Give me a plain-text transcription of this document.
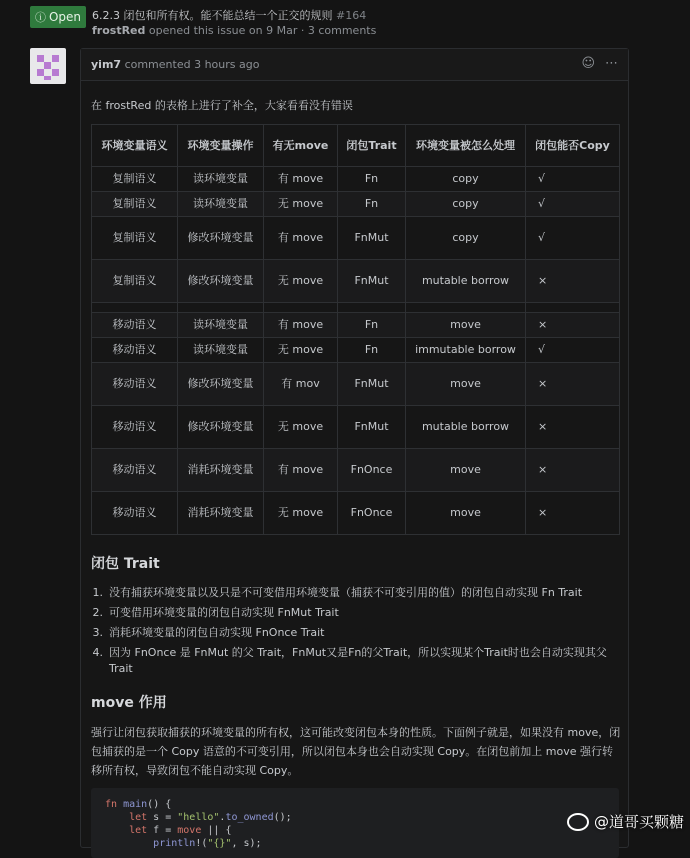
ⓘ Open 6.2.3 闭包和所有权。能不能总结一个正交的规则 #164
frostRed opened this issue on 9 Mar · 3 comments
yim7 commented 3 hours ago	☺ ⋯
在 frostRed 的表格上进行了补全，大家看看没有错误
环境变量语义	环境变量操作	有无move	闭包Trait	环境变量被怎么处理	闭包能否Copy
复制语义	读环境变量	有 move	Fn	copy	√
复制语义	读环境变量	无 move	Fn	copy	√
复制语义	修改环境变量	有 move	FnMut	copy	√
复制语义	修改环境变量	无 move	FnMut	mutable borrow	×

移动语义	读环境变量	有 move	Fn	move	×
移动语义	读环境变量	无 move	Fn	immutable borrow	√
移动语义	修改环境变量	有 mov	FnMut	move	×
移动语义	修改环境变量	无 move	FnMut	mutable borrow	×
移动语义	消耗环境变量	有 move	FnOnce	move	×
移动语义	消耗环境变量	无 move	FnOnce	move	×
闭包 Trait
1. 没有捕获环境变量以及只是不可变借用环境变量（捕获不可变引用的值）的闭包自动实现 Fn Trait
2. 可变借用环境变量的闭包自动实现 FnMut Trait
3. 消耗环境变量的闭包自动实现 FnOnce Trait
4. 因为 FnOnce 是 FnMut 的父 Trait，FnMut又是Fn的父Trait，所以实现某个Trait时也会自动实现其父Trait
move 作用
强行让闭包获取捕获的环境变量的所有权，这可能改变闭包本身的性质。下面例子就是，如果没有 move，闭包捕获的是一个 Copy 语意的不可变引用，所以闭包本身也会自动实现 Copy。在闭包前加上 move 强行转移所有权，导致闭包不能自动实现 Copy。
fn main() {
let s = "hello".to_owned();
let f = move || {
println!("{}", s);
@道哥买颗糖
